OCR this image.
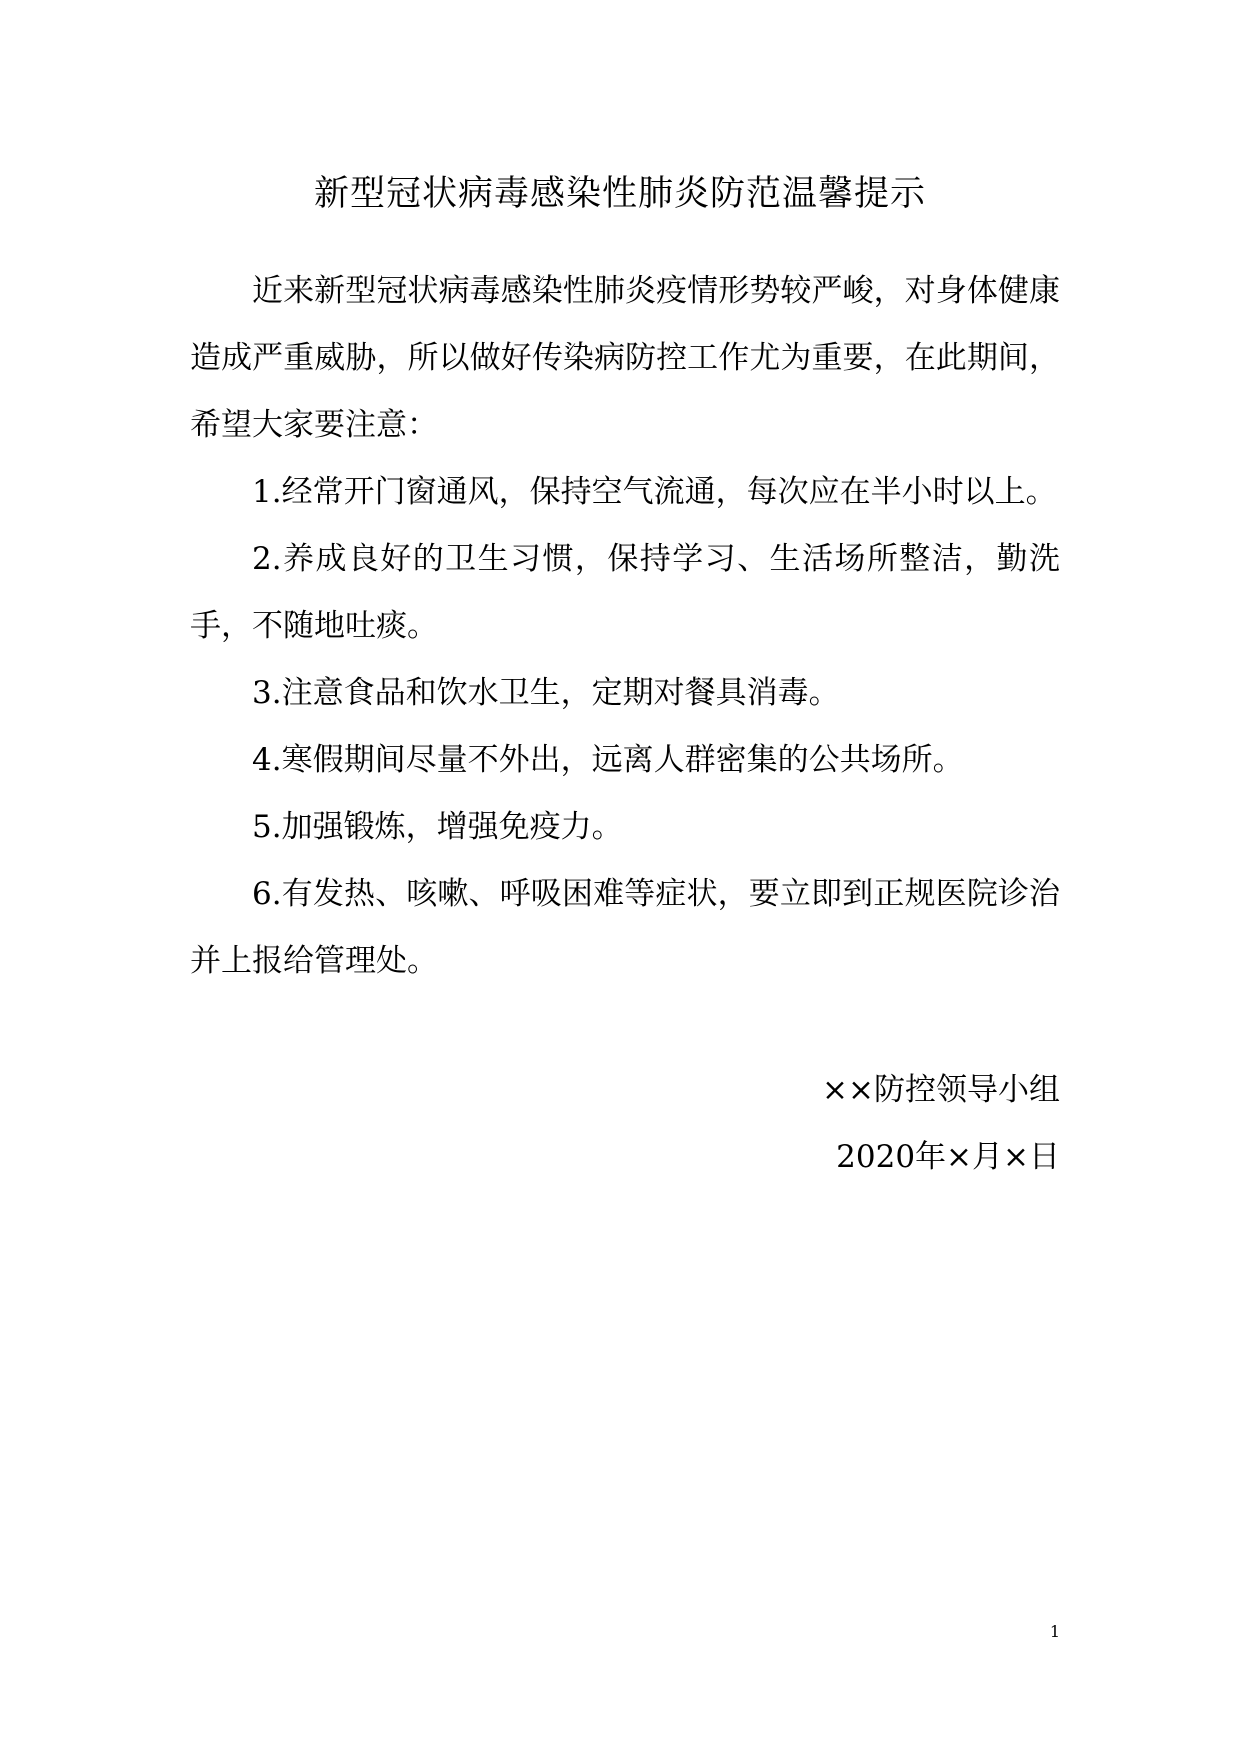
新型冠状病毒感染性肺炎防范温馨提示

近来新型冠状病毒感染性肺炎疫情形势较严峻，对身体健康造成严重威胁，所以做好传染病防控工作尤为重要，在此期间，希望大家要注意：

1.经常开门窗通风，保持空气流通，每次应在半小时以上。

2.养成良好的卫生习惯，保持学习、生活场所整洁，勤洗手，不随地吐痰。

3.注意食品和饮水卫生，定期对餐具消毒。

4.寒假期间尽量不外出，远离人群密集的公共场所。

5.加强锻炼，增强免疫力。

6.有发热、咳嗽、呼吸困难等症状，要立即到正规医院诊治并上报给管理处。

××防控领导小组
2020年×月×日
1
